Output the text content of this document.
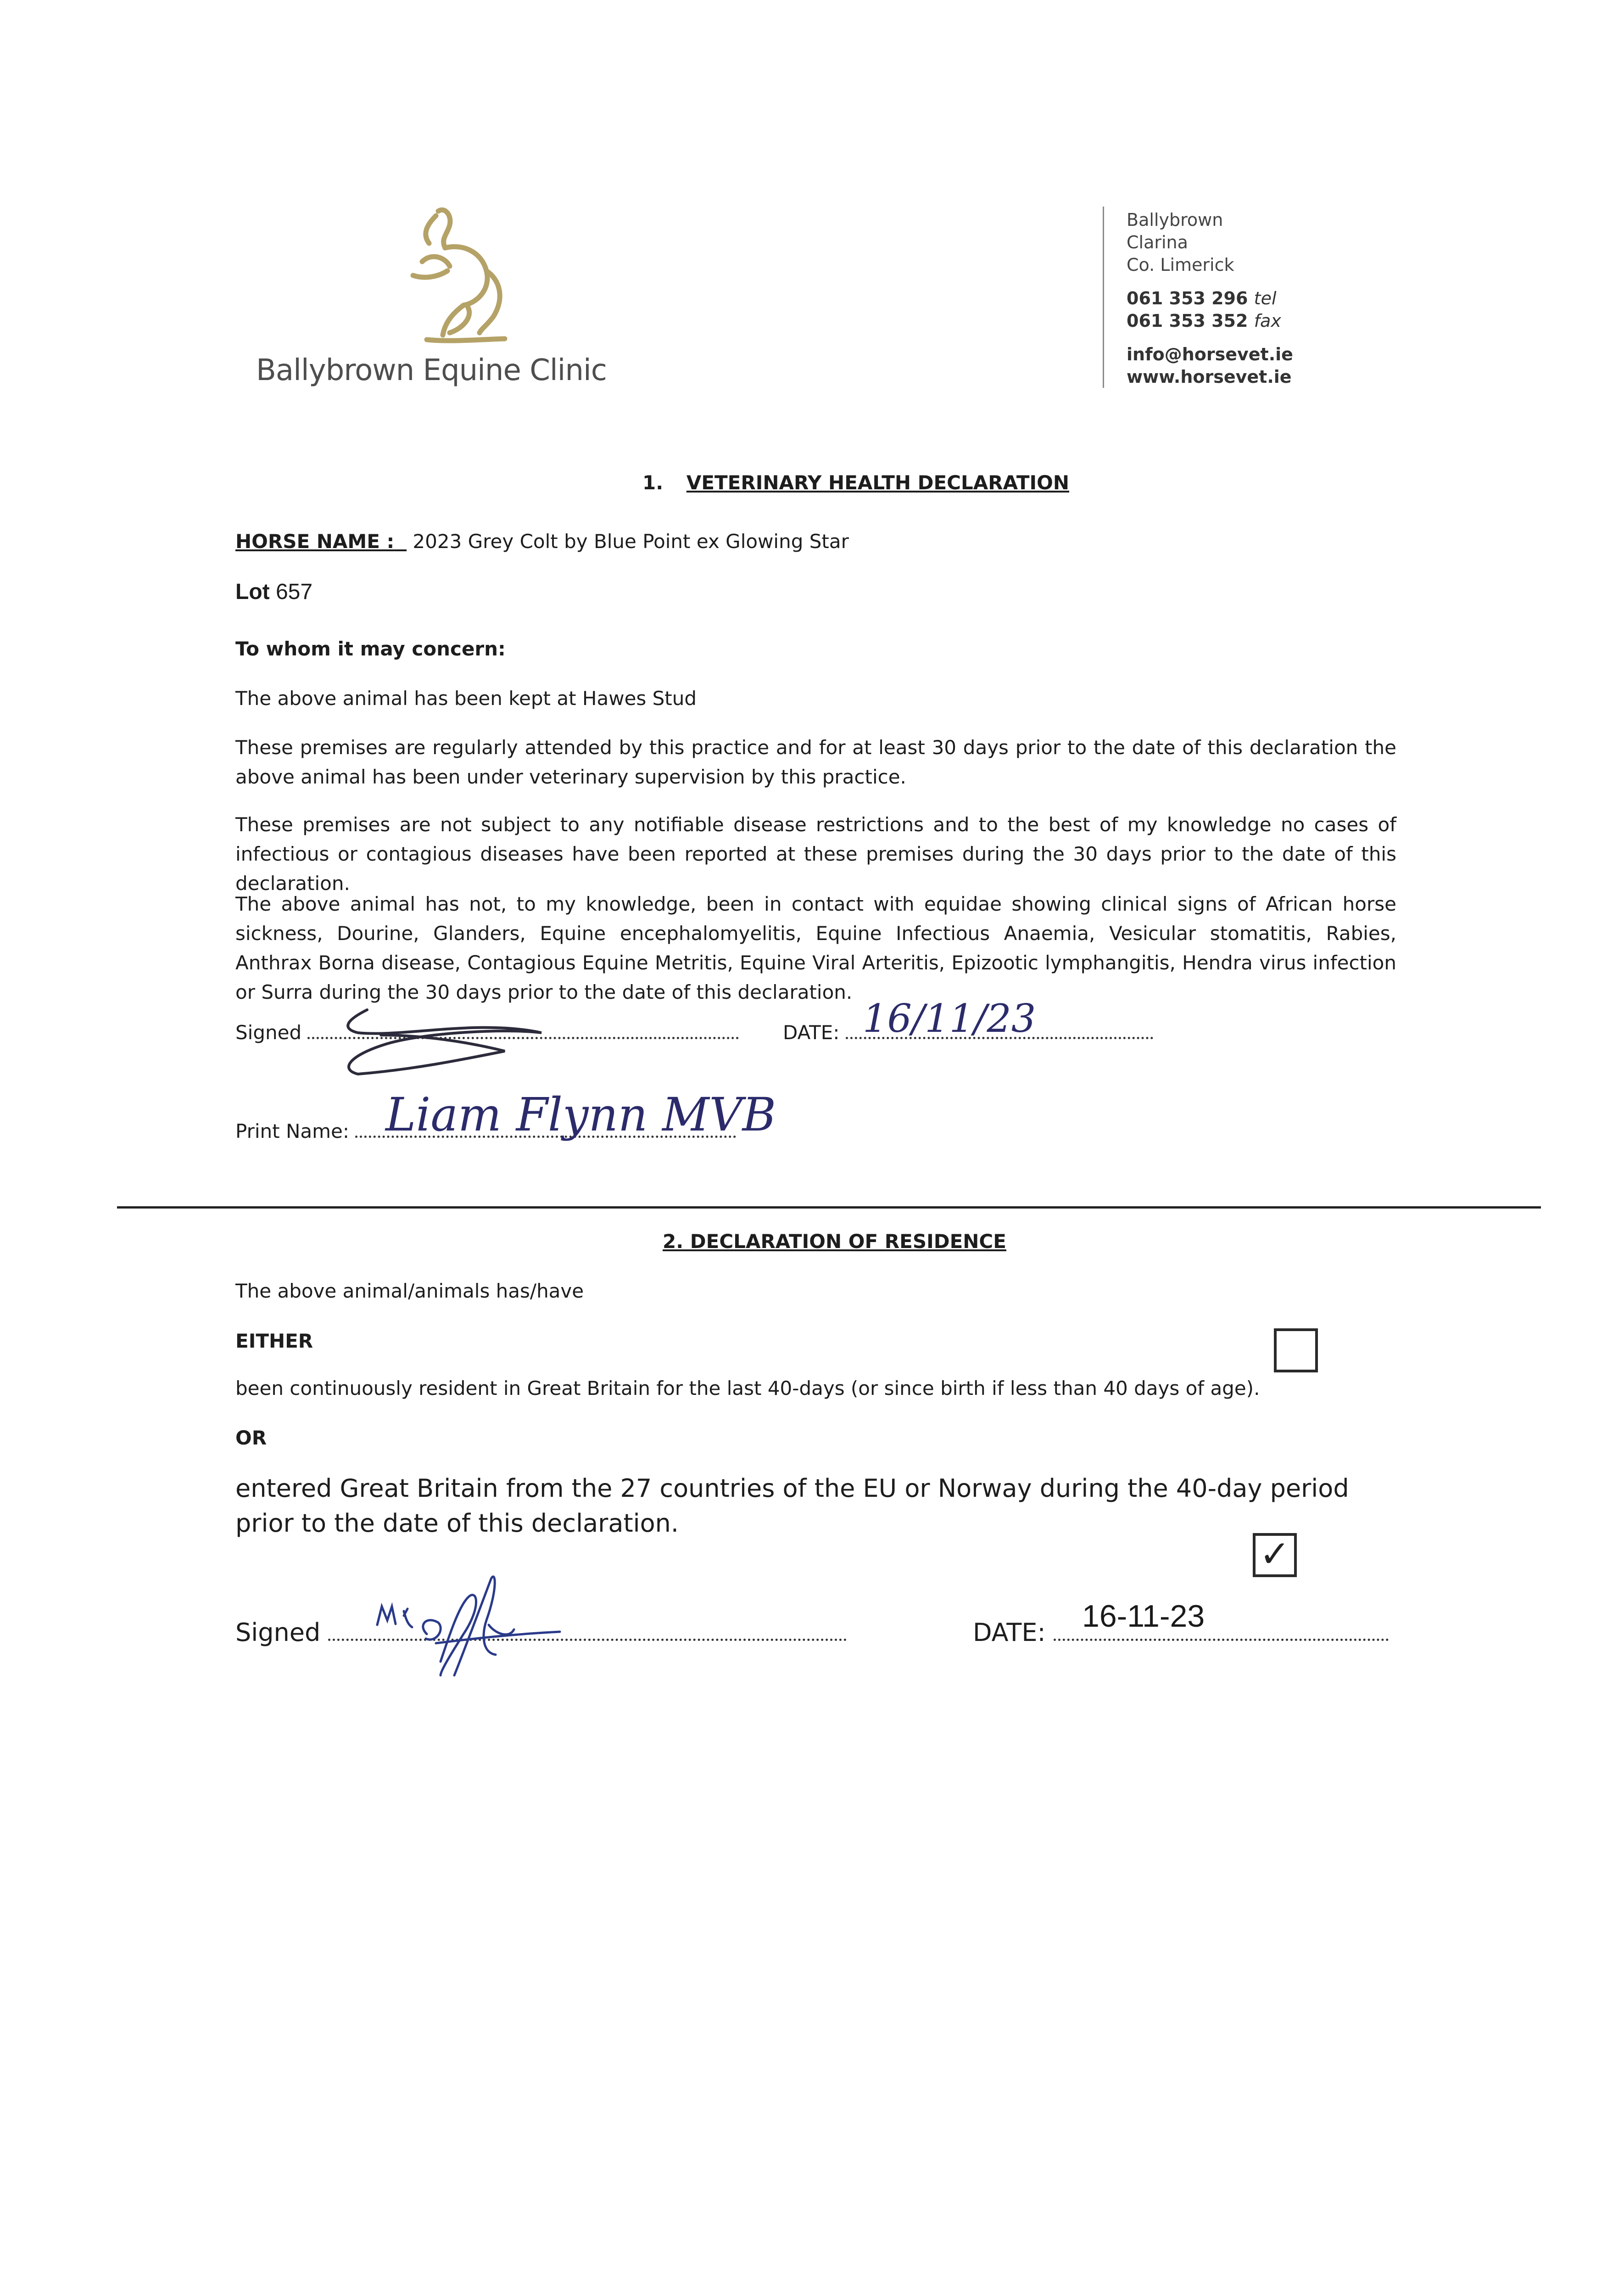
Ballybrown Equine Clinic
Ballybrown
Clarina
Co. Limerick
061 353 296 tel
061 353 352 fax
info@horsevet.ie
www.horsevet.ie
1. VETERINARY HEALTH DECLARATION
HORSE NAME : 2023 Grey Colt by Blue Point ex Glowing Star
Lot 657
To whom it may concern:
The above animal has been kept at Hawes Stud
These premises are regularly attended by this practice and for at least 30 days prior to the date of this declaration the above animal has been under veterinary supervision by this practice.
These premises are not subject to any notifiable disease restrictions and to the best of my knowledge no cases of infectious or contagious diseases have been reported at these premises during the 30 days prior to the date of this declaration.
The above animal has not, to my knowledge, been in contact with equidae showing clinical signs of African horse sickness, Dourine, Glanders, Equine encephalomyelitis, Equine Infectious Anaemia, Vesicular stomatitis, Rabies, Anthrax Borna disease, Contagious Equine Metritis, Equine Viral Arteritis, Epizootic lymphangitis, Hendra virus infection or Surra during the 30 days prior to the date of this declaration.
Signed	DATE: 16/11/23
Print Name: Liam Flynn MVB
2. DECLARATION OF RESIDENCE
The above animal/animals has/have
EITHER
been continuously resident in Great Britain for the last 40-days (or since birth if less than 40 days of age).
OR
entered Great Britain from the 27 countries of the EU or Norway during the 40-day period prior to the date of this declaration.
✓
Signed	DATE:	16-11-23
